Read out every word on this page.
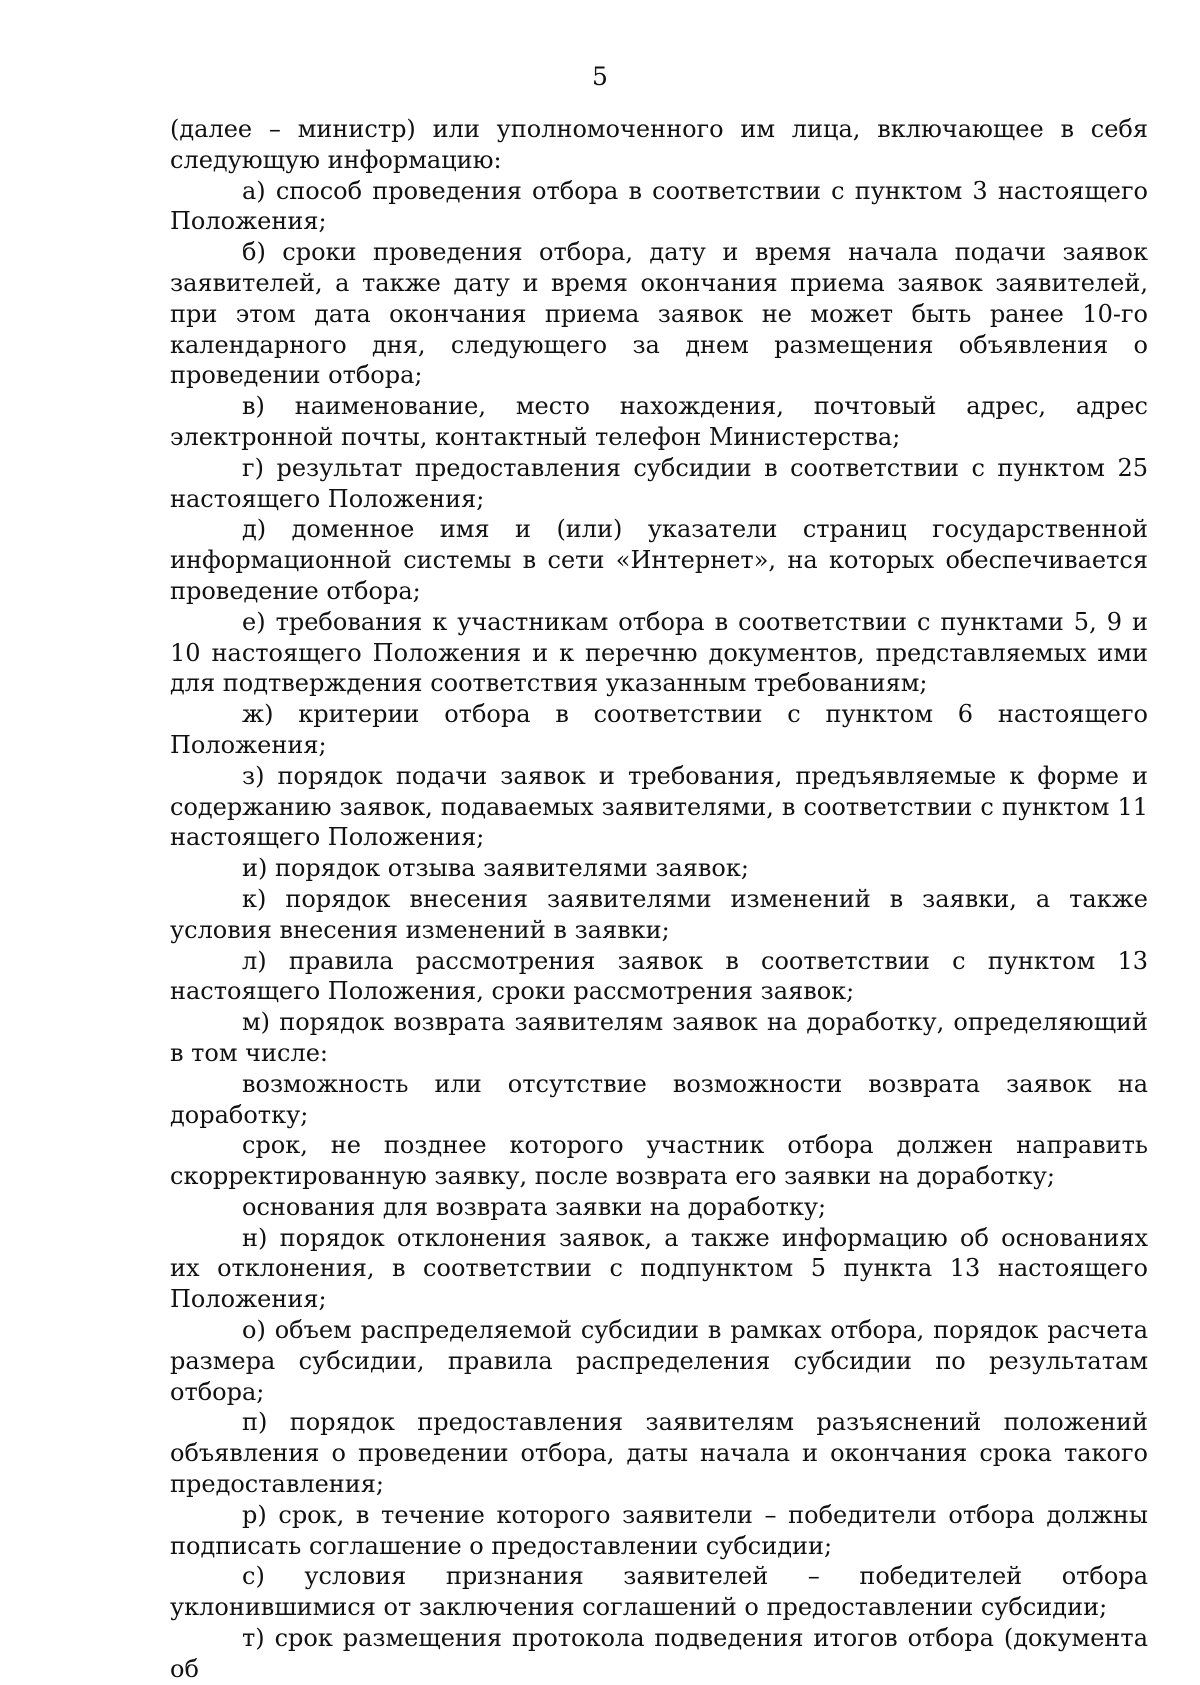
5

(далее – министр) или уполномоченного им лица, включающее в себя следующую информацию:

а) способ проведения отбора в соответствии с пунктом 3 настоящего Положения;

б) сроки проведения отбора, дату и время начала подачи заявок заявителей, а также дату и время окончания приема заявок заявителей, при этом дата окончания приема заявок не может быть ранее 10-го календарного дня, следующего за днем размещения объявления о проведении отбора;

в) наименование, место нахождения, почтовый адрес, адрес электронной почты, контактный телефон Министерства;

г) результат предоставления субсидии в соответствии с пунктом 25 настоящего Положения;

д) доменное имя и (или) указатели страниц государственной информационной системы в сети «Интернет», на которых обеспечивается проведение отбора;

е) требования к участникам отбора в соответствии с пунктами 5, 9 и 10 настоящего Положения и к перечню документов, представляемых ими для подтверждения соответствия указанным требованиям;

ж) критерии отбора в соответствии с пунктом 6 настоящего Положения;

з) порядок подачи заявок и требования, предъявляемые к форме и содержанию заявок, подаваемых заявителями, в соответствии с пунктом 11 настоящего Положения;

и) порядок отзыва заявителями заявок;

к) порядок внесения заявителями изменений в заявки, а также условия внесения изменений в заявки;

л) правила рассмотрения заявок в соответствии с пунктом 13 настоящего Положения, сроки рассмотрения заявок;

м) порядок возврата заявителям заявок на доработку, определяющий в том числе:

возможность или отсутствие возможности возврата заявок на доработку;

срок, не позднее которого участник отбора должен направить скорректированную заявку, после возврата его заявки на доработку;

основания для возврата заявки на доработку;

н) порядок отклонения заявок, а также информацию об основаниях их отклонения, в соответствии с подпунктом 5 пункта 13 настоящего Положения;

о) объем распределяемой субсидии в рамках отбора, порядок расчета размера субсидии, правила распределения субсидии по результатам отбора;

п) порядок предоставления заявителям разъяснений положений объявления о проведении отбора, даты начала и окончания срока такого предоставления;

р) срок, в течение которого заявители – победители отбора должны подписать соглашение о предоставлении субсидии;

с) условия признания заявителей – победителей отбора уклонившимися от заключения соглашений о предоставлении субсидии;

т) срок размещения протокола подведения итогов отбора (документа об
